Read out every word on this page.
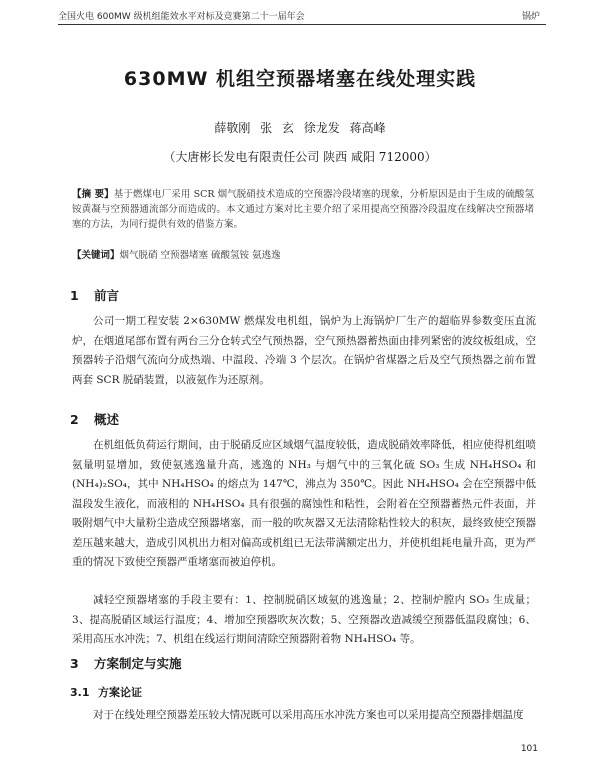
全国火电 600MW 级机组能效水平对标及竞赛第二十一届年会	锅炉
630MW 机组空预器堵塞在线处理实践
薛敬刚 张 玄 徐龙发 蒋高峰
（大唐彬长发电有限责任公司 陕西 咸阳 712000）
【摘 要】基于燃煤电厂采用 SCR 烟气脱硝技术造成的空预器冷段堵塞的现象，分析原因是由于生成的硫酸氢铵黄凝与空预器通流部分而造成的。本文通过方案对比主要介绍了采用提高空预器冷段温度在线解决空预器堵塞的方法，为同行提供有效的借鉴方案。
【关键词】烟气脱硝 空预器堵塞 硫酸氢铵 氨逃逸
1 前言
公司一期工程安装 2×630MW 燃煤发电机组，锅炉为上海锅炉厂生产的超临界参数变压直流炉，在烟道尾部布置有两台三分仓转式空气预热器，空气预热器蓄热面由排列紧密的波纹板组成，空预器转子沿烟气流向分成热端、中温段、冷端 3 个层次。在锅炉省煤器之后及空气预热器之前布置两套 SCR 脱硝装置，以液氨作为还原剂。
2 概述
在机组低负荷运行期间，由于脱硝反应区域烟气温度较低，造成脱硝效率降低，相应使得机组喷氨量明显增加，致使氨逃逸量升高，逃逸的 NH₃ 与烟气中的三氧化硫 SO₃ 生成 NH₄HSO₄ 和 (NH₄)₂SO₄，其中 NH₄HSO₄ 的熔点为 147℃，沸点为 350℃。因此 NH₄HSO₄ 会在空预器中低温段发生液化，而液相的 NH₄HSO₄ 具有很强的腐蚀性和粘性，会附着在空预器蓄热元件表面，并吸附烟气中大量粉尘造成空预器堵塞，而一般的吹灰器又无法清除粘性较大的积灰，最终致使空预器差压越来越大，造成引风机出力相对偏高或机组已无法带满额定出力，并使机组耗电量升高，更为严重的情况下致使空预器严重堵塞而被迫停机。
减轻空预器堵塞的手段主要有：1、控制脱硝区域氨的逃逸量；2、控制炉膛内 SO₃ 生成量；3、提高脱硝区域运行温度；4、增加空预器吹灰次数；5、空预器改造减缓空预器低温段腐蚀；6、采用高压水冲洗；7、机组在线运行期间清除空预器附着物 NH₄HSO₄ 等。
3 方案制定与实施
3.1 方案论证
对于在线处理空预器差压较大情况既可以采用高压水冲洗方案也可以采用提高空预器排烟温度
101
